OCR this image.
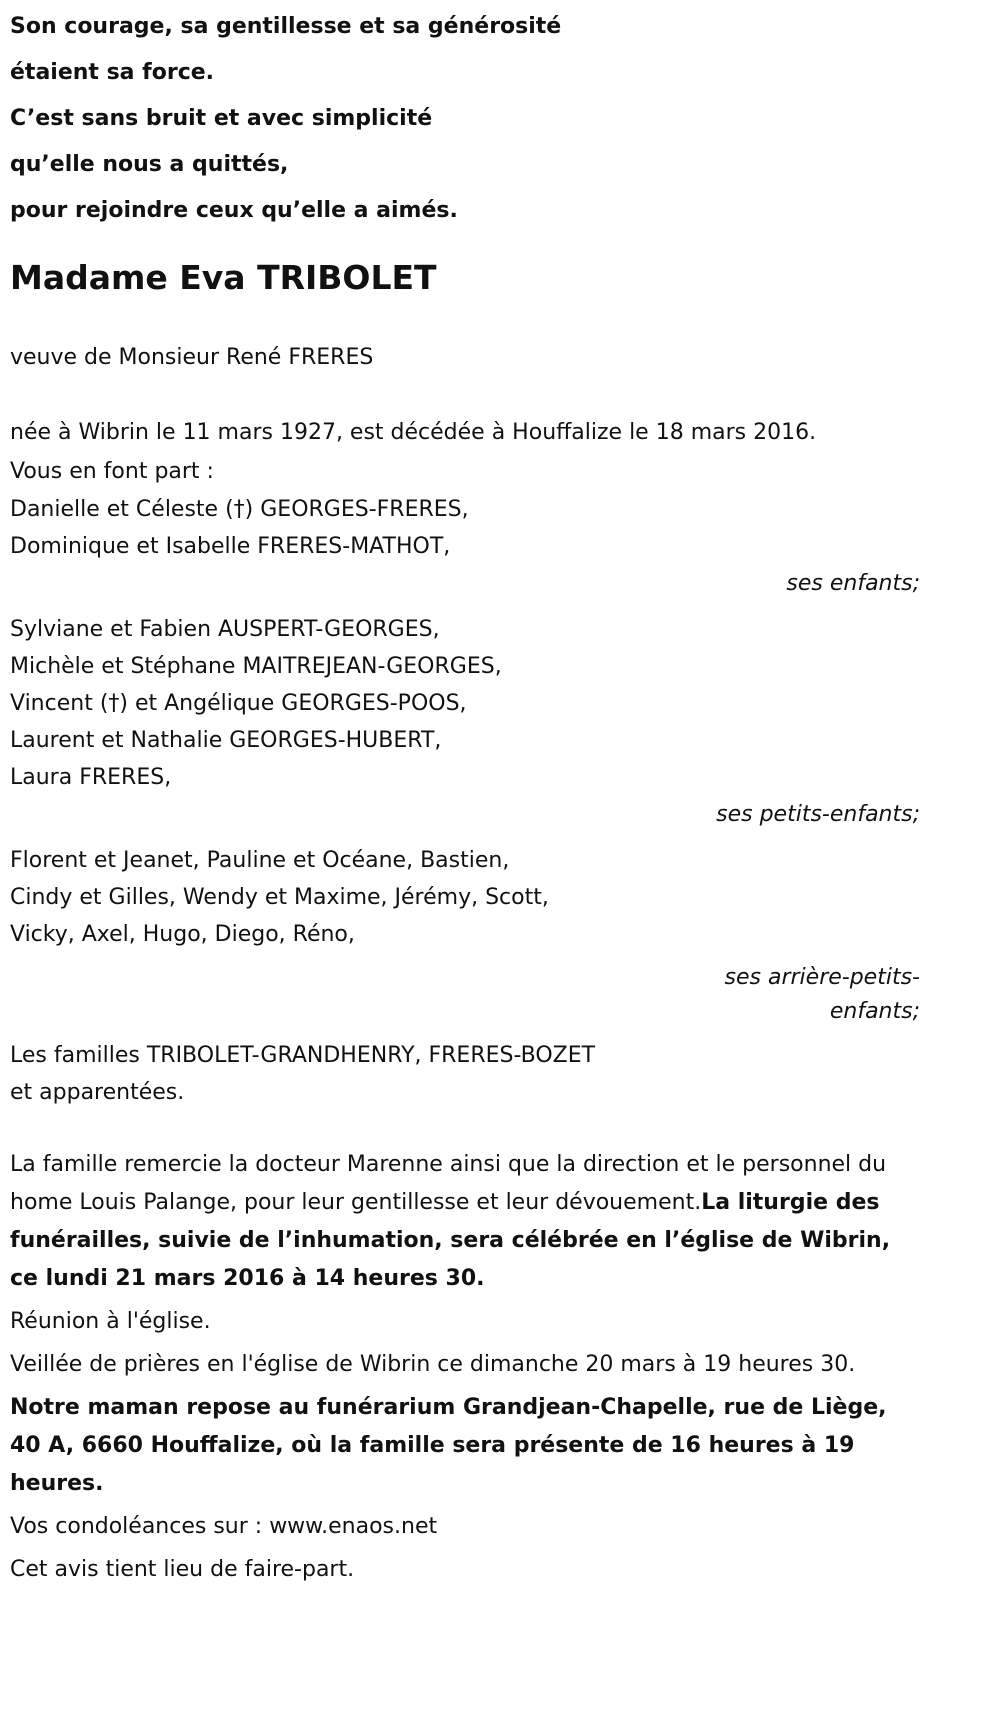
Son courage, sa gentillesse et sa générosité

étaient sa force.

C’est sans bruit et avec simplicité

qu’elle nous a quittés,

pour rejoindre ceux qu’elle a aimés.

Madame Eva TRIBOLET

veuve de Monsieur René FRERES

née à Wibrin le 11 mars 1927, est décédée à Houffalize le 18 mars 2016.

Vous en font part :

Danielle et Céleste (†) GEORGES-FRERES,

Dominique et Isabelle FRERES-MATHOT,

ses enfants;

Sylviane et Fabien AUSPERT-GEORGES,

Michèle et Stéphane MAITREJEAN-GEORGES,

Vincent (†) et Angélique GEORGES-POOS,

Laurent et Nathalie GEORGES-HUBERT,

Laura FRERES,

ses petits-enfants;

Florent et Jeanet, Pauline et Océane, Bastien,

Cindy et Gilles, Wendy et Maxime, Jérémy, Scott,

Vicky, Axel, Hugo, Diego, Réno,

ses arrière-petits-

enfants;

Les familles TRIBOLET-GRANDHENRY, FRERES-BOZET

et apparentées.

La famille remercie la docteur Marenne ainsi que la direction et le personnel du home Louis Palange, pour leur gentillesse et leur dévouement.La liturgie des funérailles, suivie de l’inhumation, sera célébrée en l’église de Wibrin, ce lundi 21 mars 2016 à 14 heures 30.

Réunion à l'église.

Veillée de prières en l'église de Wibrin ce dimanche 20 mars à 19 heures 30.

Notre maman repose au funérarium Grandjean-Chapelle, rue de Liège, 40 A, 6660 Houffalize, où la famille sera présente de 16 heures à 19 heures.

Vos condoléances sur : www.enaos.net

Cet avis tient lieu de faire-part.
